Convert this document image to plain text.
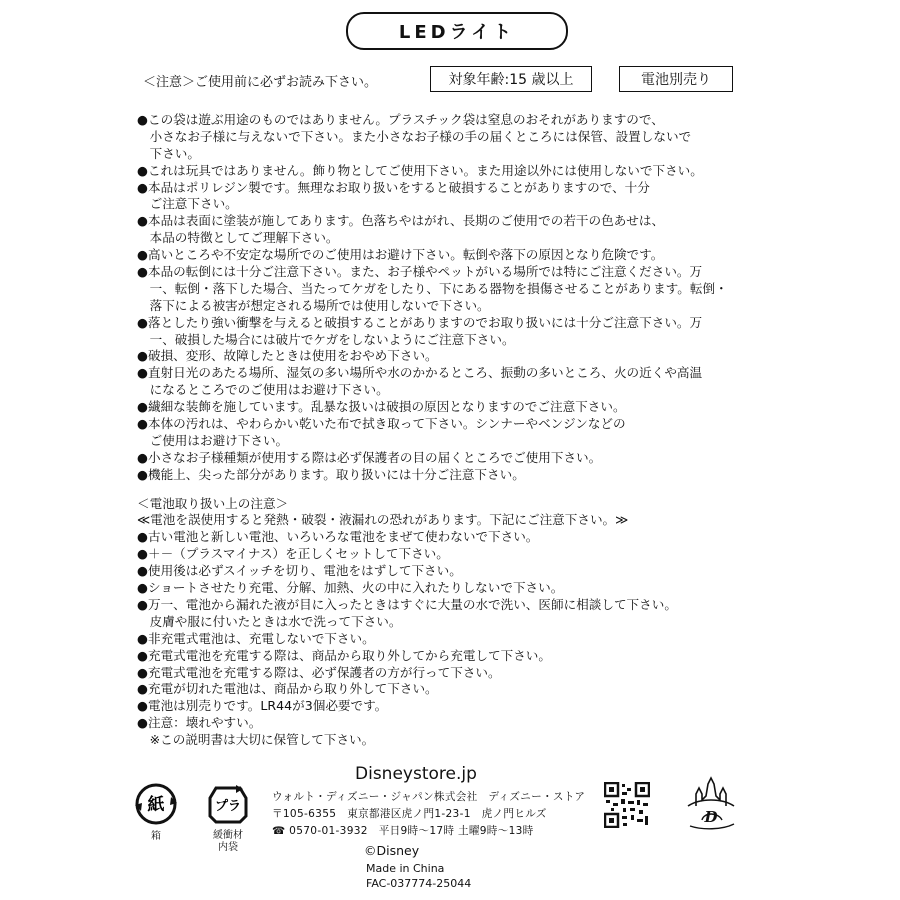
LEDライト
＜注意＞ご使用前に必ずお読み下さい。	対象年齢:15 歳以上	電池別売り
●この袋は遊ぶ用途のものではありません。プラスチック袋は窒息のおそれがありますので、
　小さなお子様に与えないで下さい。また小さなお子様の手の届くところには保管、設置しないで
　下さい。
●これは玩具ではありません。飾り物としてご使用下さい。また用途以外には使用しないで下さい。
●本品はポリレジン製です。無理なお取り扱いをすると破損することがありますので、十分
　ご注意下さい。
●本品は表面に塗装が施してあります。色落ちやはがれ、長期のご使用での若干の色あせは、
　本品の特徴としてご理解下さい。
●高いところや不安定な場所でのご使用はお避け下さい。転倒や落下の原因となり危険です。
●本品の転倒には十分ご注意下さい。また、お子様やペットがいる場所では特にご注意ください。万
　一、転倒・落下した場合、当たってケガをしたり、下にある器物を損傷させることがあります。転倒・
　落下による被害が想定される場所では使用しないで下さい。
●落としたり強い衝撃を与えると破損することがありますのでお取り扱いには十分ご注意下さい。万
　一、破損した場合には破片でケガをしないようにご注意下さい。
●破損、変形、故障したときは使用をおやめ下さい。
●直射日光のあたる場所、湿気の多い場所や水のかかるところ、振動の多いところ、火の近くや高温
　になるところでのご使用はお避け下さい。
●繊細な装飾を施しています。乱暴な扱いは破損の原因となりますのでご注意下さい。
●本体の汚れは、やわらかい乾いた布で拭き取って下さい。シンナーやベンジンなどの
　ご使用はお避け下さい。
●小さなお子様種類が使用する際は必ず保護者の目の届くところでご使用下さい。
●機能上、尖った部分があります。取り扱いには十分ご注意下さい。
＜電池取り扱い上の注意＞
≪電池を誤使用すると発熱・破裂・液漏れの恐れがあります。下記にご注意下さい。≫
●古い電池と新しい電池、いろいろな電池をまぜて使わないで下さい。
●＋－（プラスマイナス）を正しくセットして下さい。
●使用後は必ずスイッチを切り、電池をはずして下さい。
●ショートさせたり充電、分解、加熱、火の中に入れたりしないで下さい。
●万一、電池から漏れた液が目に入ったときはすぐに大量の水で洗い、医師に相談して下さい。
　皮膚や服に付いたときは水で洗って下さい。
●非充電式電池は、充電しないで下さい。
●充電式電池を充電する際は、商品から取り外してから充電して下さい。
●充電式電池を充電する際は、必ず保護者の方が行って下さい。
●充電が切れた電池は、商品から取り外して下さい。
●電池は別売りです。LR44が3個必要です。
●注意：壊れやすい。
　※この説明書は大切に保管して下さい。
Disneystore.jp
紙
箱
プラ
緩衝材
内袋
ウォルト・ディズニー・ジャパン株式会社　ディズニー・ストア
〒105-6355　東京都港区虎ノ門1-23-1　虎ノ門ヒルズ
☎ 0570-01-3932　平日9時～17時 土曜9時～13時
D
©Disney
Made in China
FAC-037774-25044
